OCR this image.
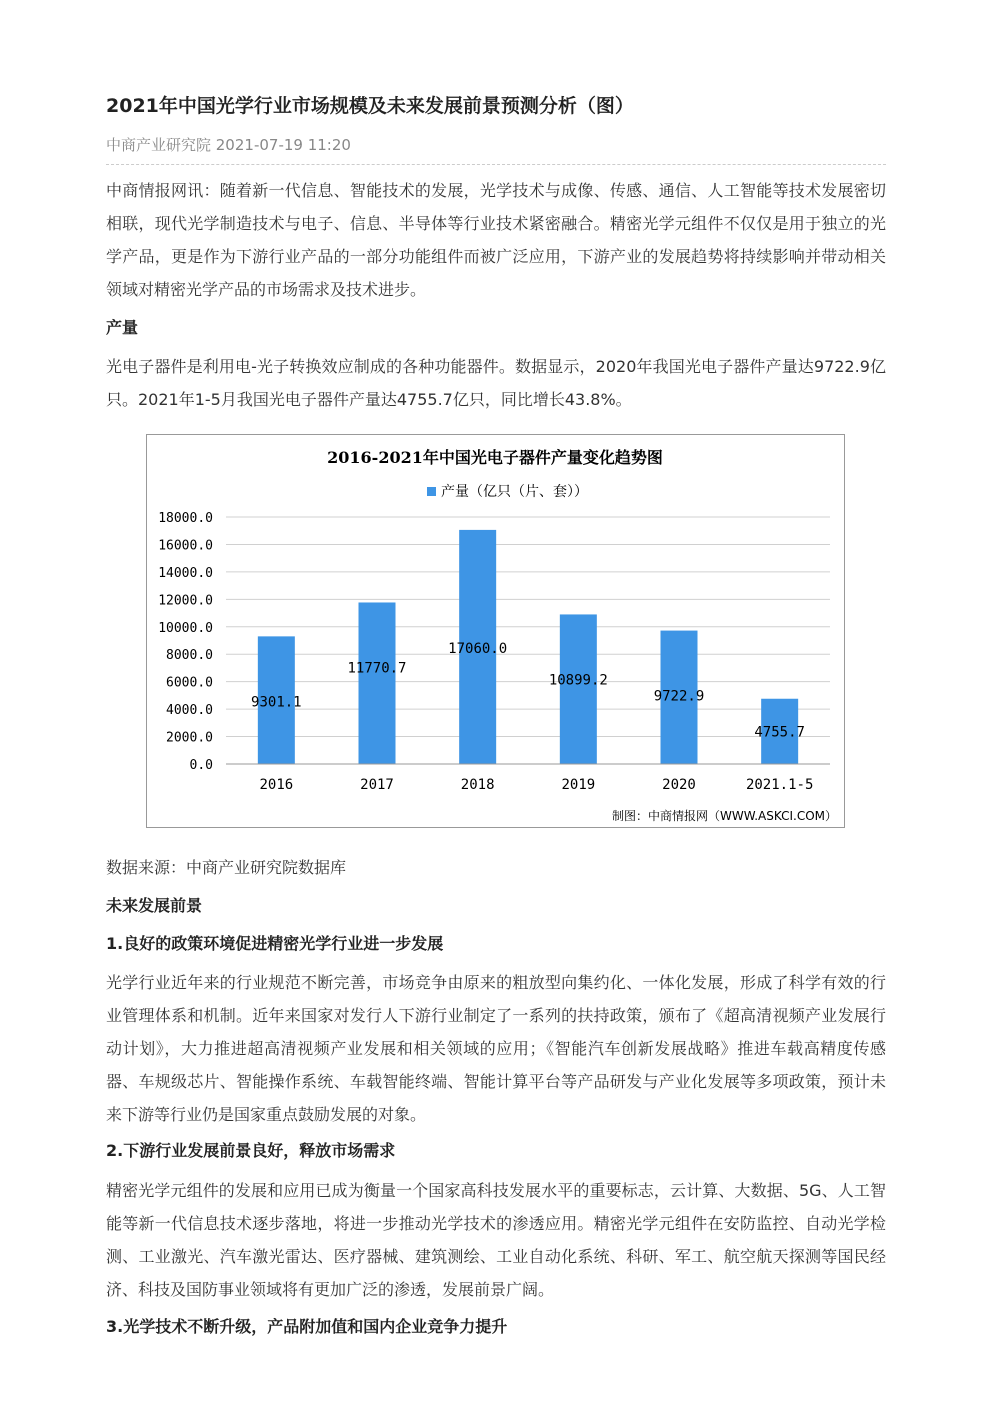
2021年中国光学行业市场规模及未来发展前景预测分析（图）
中商产业研究院 2021-07-19 11:20

中商情报网讯：随着新一代信息、智能技术的发展，光学技术与成像、传感、通信、人工智能等技术发展密切相联，现代光学制造技术与电子、信息、半导体等行业技术紧密融合。精密光学元组件不仅仅是用于独立的光学产品，更是作为下游行业产品的一部分功能组件而被广泛应用，下游产业的发展趋势将持续影响并带动相关领域对精密光学产品的市场需求及技术进步。

产量

光电子器件是利用电-光子转换效应制成的各种功能器件。数据显示，2020年我国光电子器件产量达9722.9亿只。2021年1-5月我国光电子器件产量达4755.7亿只，同比增长43.8%。

2016-2021年中国光电子器件产量变化趋势图
产量（亿只（片、套））
0.0
2000.0
4000.0
6000.0
8000.0
10000.0
12000.0
14000.0
16000.0
18000.0
9301.1
2016
11770.7
2017
17060.0
2018
10899.2
2019
9722.9
2020
4755.7
2021.1-5
制图：中商情报网（WWW.ASKCI.COM）
数据来源：中商产业研究院数据库
未来发展前景
1.良好的政策环境促进精密光学行业进一步发展

光学行业近年来的行业规范不断完善，市场竞争由原来的粗放型向集约化、一体化发展，形成了科学有效的行业管理体系和机制。近年来国家对发行人下游行业制定了一系列的扶持政策，颁布了《超高清视频产业发展行动计划》，大力推进超高清视频产业发展和相关领域的应用；《智能汽车创新发展战略》推进车载高精度传感器、车规级芯片、智能操作系统、车载智能终端、智能计算平台等产品研发与产业化发展等多项政策，预计未来下游等行业仍是国家重点鼓励发展的对象。

2.下游行业发展前景良好，释放市场需求

精密光学元组件的发展和应用已成为衡量一个国家高科技发展水平的重要标志，云计算、大数据、5G、人工智能等新一代信息技术逐步落地，将进一步推动光学技术的渗透应用。精密光学元组件在安防监控、自动光学检测、工业激光、汽车激光雷达、医疗器械、建筑测绘、工业自动化系统、科研、军工、航空航天探测等国民经济、科技及国防事业领域将有更加广泛的渗透，发展前景广阔。

3.光学技术不断升级，产品附加值和国内企业竞争力提升
